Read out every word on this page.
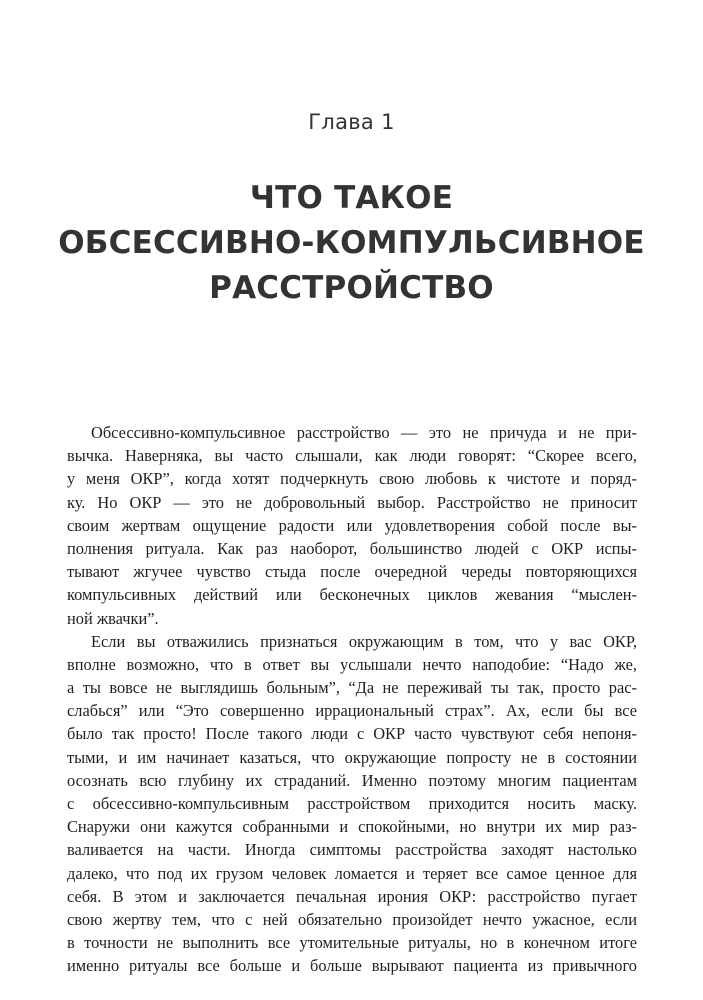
Глава 1
ЧТО ТАКОЕ
ОБСЕССИВНО-КОМПУЛЬСИВНОЕ
РАССТРОЙСТВО
Обсессивно-компульсивное расстройство — это не причуда и не при-
вычка. Наверняка, вы часто слышали, как люди говорят: “Скорее всего,
у меня ОКР”, когда хотят подчеркнуть свою любовь к чистоте и поряд-
ку. Но ОКР — это не добровольный выбор. Расстройство не приносит
своим жертвам ощущение радости или удовлетворения собой после вы-
полнения ритуала. Как раз наоборот, большинство людей с ОКР испы-
тывают жгучее чувство стыда после очередной череды повторяющихся
компульсивных действий или бесконечных циклов жевания “мыслен-
ной жвачки”.
Если вы отважились признаться окружающим в том, что у вас ОКР,
вполне возможно, что в ответ вы услышали нечто наподобие: “Надо же,
а ты вовсе не выглядишь больным”, “Да не переживай ты так, просто рас-
слабься” или “Это совершенно иррациональный страх”. Ах, если бы все
было так просто! После такого люди с ОКР часто чувствуют себя непоня-
тыми, и им начинает казаться, что окружающие попросту не в состоянии
осознать всю глубину их страданий. Именно поэтому многим пациентам
с обсессивно-компульсивным расстройством приходится носить маску.
Снаружи они кажутся собранными и спокойными, но внутри их мир раз-
валивается на части. Иногда симптомы расстройства заходят настолько
далеко, что под их грузом человек ломается и теряет все самое ценное для
себя. В этом и заключается печальная ирония ОКР: расстройство пугает
свою жертву тем, что с ней обязательно произойдет нечто ужасное, если
в точности не выполнить все утомительные ритуалы, но в конечном итоге
именно ритуалы все больше и больше вырывают пациента из привычного
